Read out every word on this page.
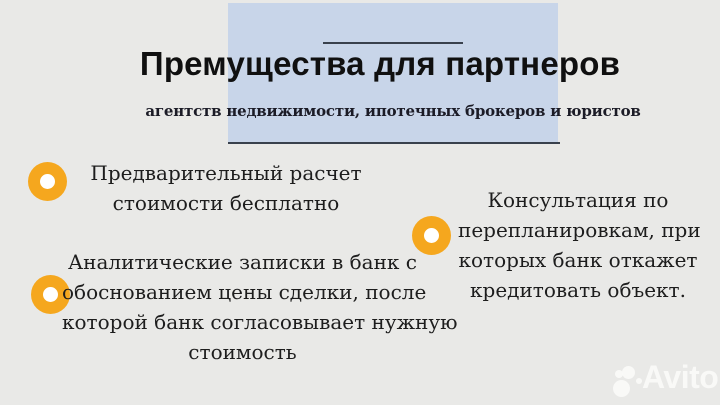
Премущества для партнеров
агентств недвижимости, ипотечных брокеров и юристов
Предварительный расчет
стоимости бесплатно
Аналитические записки в банк с
обоснованием цены сделки, после
которой банк согласовывает нужную
стоимость
Консультация по
перепланировкам, при
которых банк откажет
кредитовать объект.
Avito
